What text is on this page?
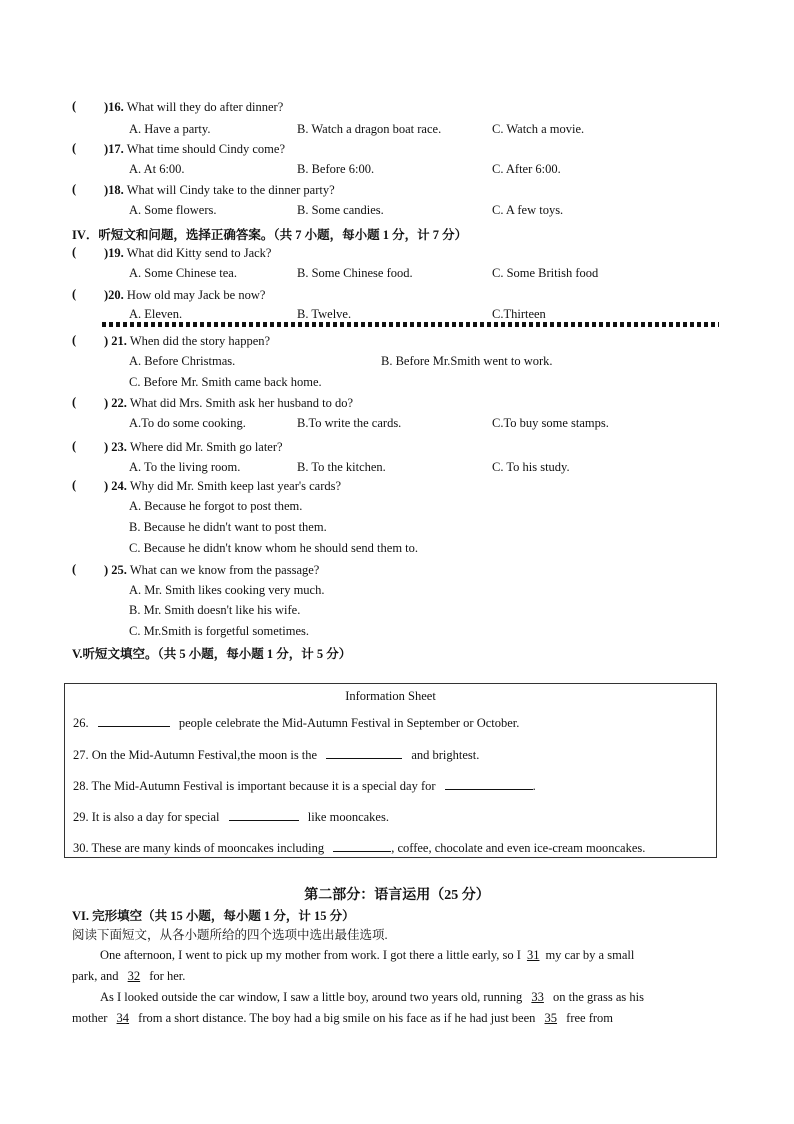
( )16. What will they do after dinner?
A. Have a party.	B. Watch a dragon boat race.	C. Watch a movie.
( )17. What time should Cindy come?
A. At 6:00.	B. Before 6:00.	C. After 6:00.
( )18. What will Cindy take to the dinner party?
A. Some flowers.	B. Some candies.	C. A few toys.
IV．听短文和问题，选择正确答案。（共 7 小题，每小题 1 分，计 7 分）
( )19. What did Kitty send to Jack?
A. Some Chinese tea.	B. Some Chinese food.	C. Some British food
( )20. How old may Jack be now?
A. Eleven.	B. Twelve.	C.Thirteen
( ) 21. When did the story happen?
A. Before Christmas.	B. Before Mr.Smith went to work.
C. Before Mr. Smith came back home.
( ) 22. What did Mrs. Smith ask her husband to do?
A.To do some cooking.	B.To write the cards.	C.To buy some stamps.
( ) 23. Where did Mr. Smith go later?
A. To the living room.	B. To the kitchen.	C. To his study.
( ) 24. Why did Mr. Smith keep last year's cards?
A. Because he forgot to post them.
B. Because he didn't want to post them.
C. Because he didn't know whom he should send them to.
( ) 25. What can we know from the passage?
A. Mr. Smith likes cooking very much.
B. Mr. Smith doesn't like his wife.
C. Mr.Smith is forgetful sometimes.
V.听短文填空。（共 5 小题，每小题 1 分，计 5 分）
Information Sheet
26.	people celebrate the Mid-Autumn Festival in September or October.
27. On the Mid-Autumn Festival,the moon is the	and brightest.
28. The Mid-Autumn Festival is important because it is a special day for	.
29. It is also a day for special	like mooncakes.
30. These are many kinds of mooncakes including	, coffee, chocolate and even ice-cream mooncakes.
第二部分：语言运用（25 分）
VI. 完形填空（共 15 小题，每小题 1 分，计 15 分）
阅读下面短文，从各小题所给的四个选项中选出最佳选项.
One afternoon, I went to pick up my mother from work. I got there a little early, so I 31 my car by a small
park, and 32 for her.
As I looked outside the car window, I saw a little boy, around two years old, running 33 on the grass as his
mother 34 from a short distance. The boy had a big smile on his face as if he had just been 35 free from
